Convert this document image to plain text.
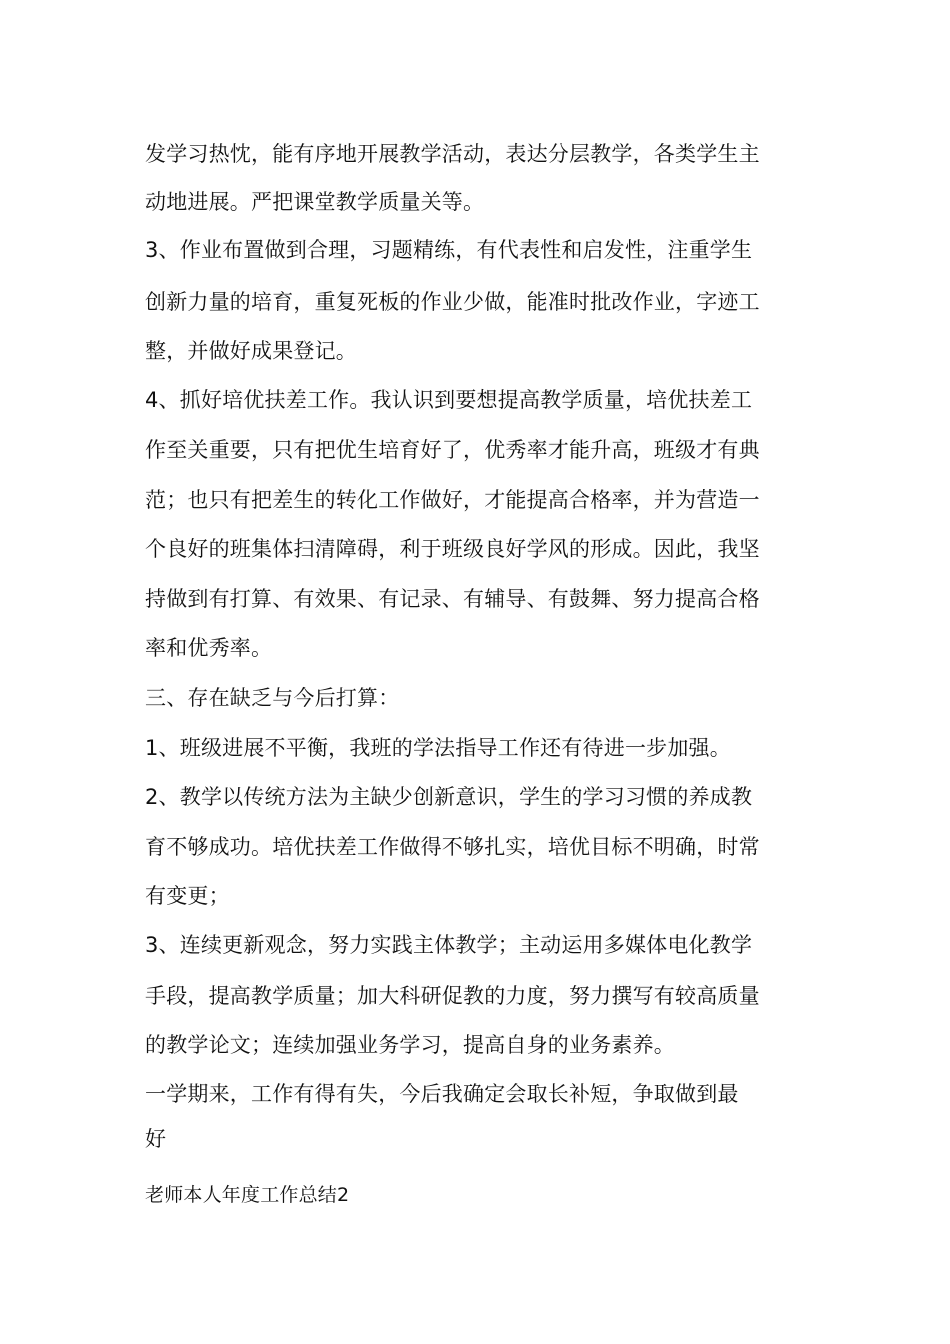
发学习热忱，能有序地开展教学活动，表达分层教学，各类学生主
动地进展。严把课堂教学质量关等。
3、作业布置做到合理，习题精练，有代表性和启发性，注重学生
创新力量的培育，重复死板的作业少做，能准时批改作业，字迹工
整，并做好成果登记。
4、抓好培优扶差工作。我认识到要想提高教学质量，培优扶差工
作至关重要，只有把优生培育好了，优秀率才能升高，班级才有典
范；也只有把差生的转化工作做好，才能提高合格率，并为营造一
个良好的班集体扫清障碍，利于班级良好学风的形成。因此，我坚
持做到有打算、有效果、有记录、有辅导、有鼓舞、努力提高合格
率和优秀率。
三、存在缺乏与今后打算：
1、班级进展不平衡，我班的学法指导工作还有待进一步加强。
2、教学以传统方法为主缺少创新意识，学生的学习习惯的养成教
育不够成功。培优扶差工作做得不够扎实，培优目标不明确，时常
有变更；
3、连续更新观念，努力实践主体教学；主动运用多媒体电化教学
手段，提高教学质量；加大科研促教的力度，努力撰写有较高质量
的教学论文；连续加强业务学习，提高自身的业务素养。
一学期来，工作有得有失，今后我确定会取长补短，争取做到最
好
老师本人年度工作总结2
